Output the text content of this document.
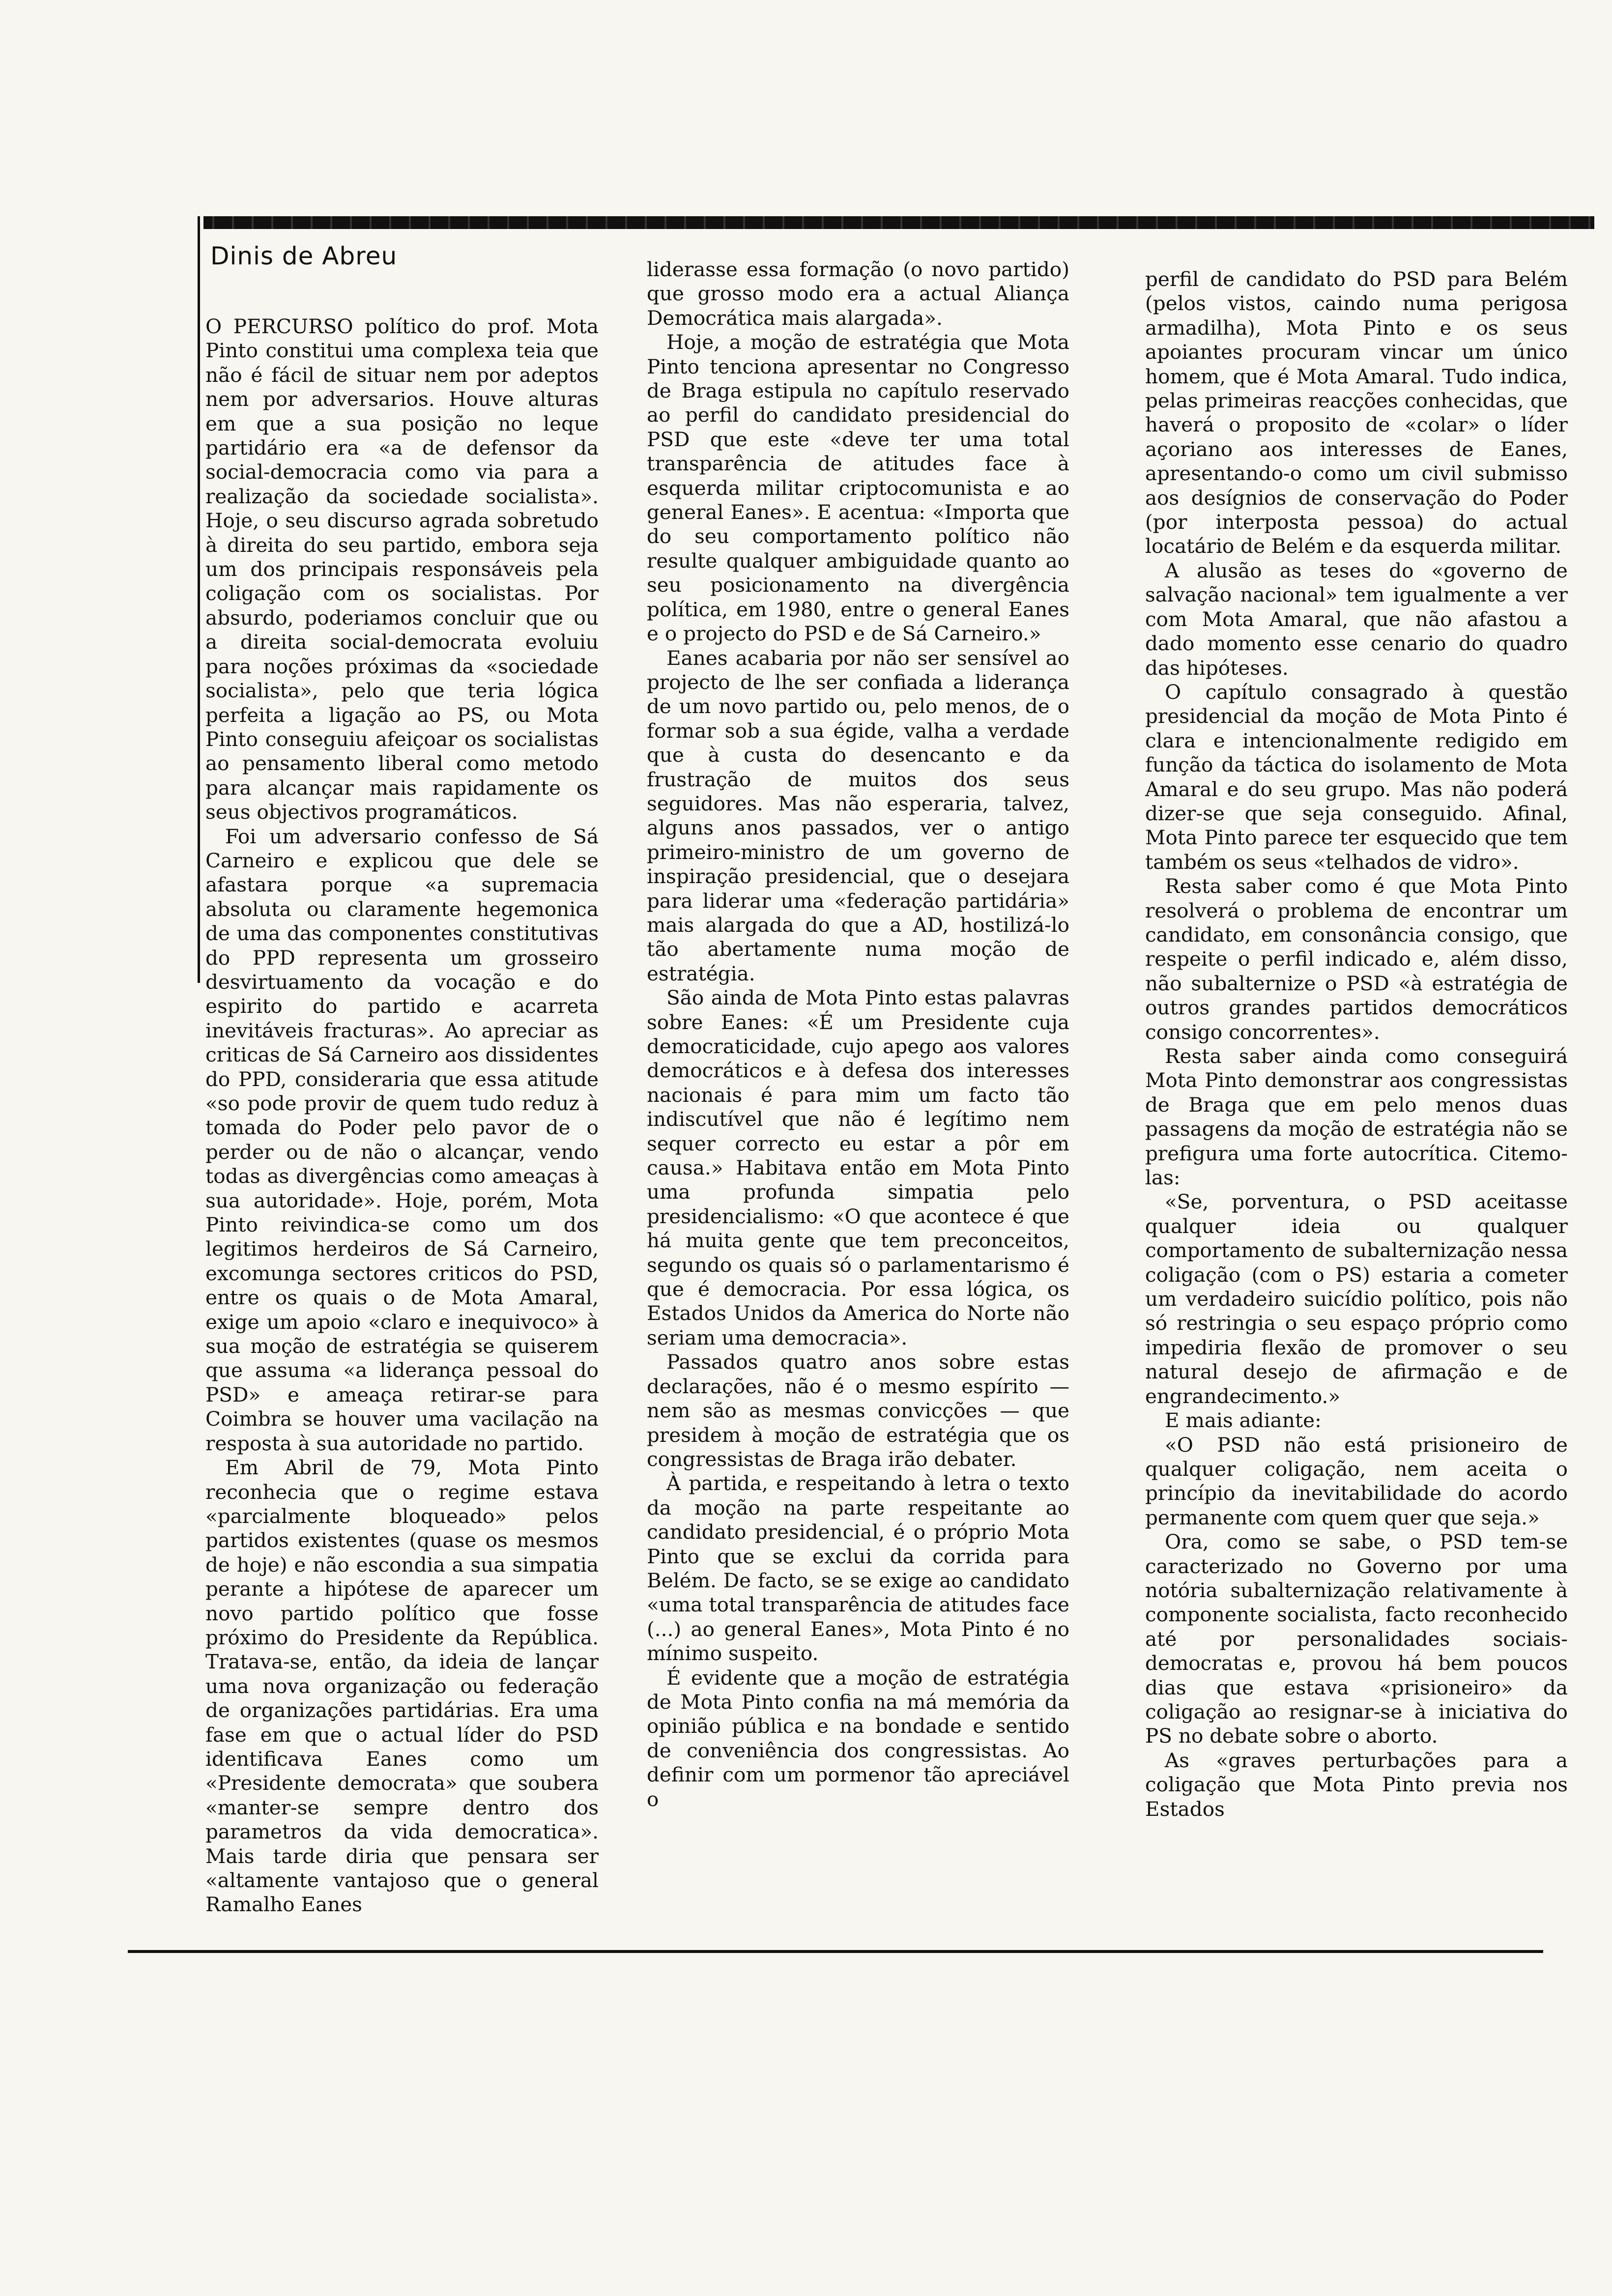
Dinis de Abreu

O PERCURSO político do prof. Mota Pinto constitui uma complexa teia que não é fácil de situar nem por adeptos nem por adversarios. Houve alturas em que a sua posição no leque partidário era «a de defensor da social-democracia como via para a realização da sociedade socialista». Hoje, o seu discurso agrada sobretudo à direita do seu partido, embora seja um dos principais responsáveis pela coligação com os socialistas. Por absurdo, poderiamos concluir que ou a direita social-democrata evoluiu para noções próximas da «sociedade socialista», pelo que teria lógica perfeita a ligação ao PS, ou Mota Pinto conseguiu afeiçoar os socialistas ao pensamento liberal como metodo para alcançar mais rapidamente os seus objectivos programáticos.

Foi um adversario confesso de Sá Carneiro e explicou que dele se afastara porque «a supremacia absoluta ou claramente hegemonica de uma das componentes constitutivas do PPD representa um grosseiro desvirtuamento da vocação e do espirito do partido e acarreta inevitáveis fracturas». Ao apreciar as criticas de Sá Carneiro aos dissidentes do PPD, consideraria que essa atitude «so pode provir de quem tudo reduz à tomada do Poder pelo pavor de o perder ou de não o alcançar, vendo todas as divergências como ameaças à sua autoridade». Hoje, porém, Mota Pinto reivindica-se como um dos legitimos herdeiros de Sá Carneiro, excomunga sectores criticos do PSD, entre os quais o de Mota Amaral, exige um apoio «claro e inequivoco» à sua moção de estratégia se quiserem que assuma «a liderança pessoal do PSD» e ameaça retirar-se para Coimbra se houver uma vacilação na resposta à sua autoridade no partido.

Em Abril de 79, Mota Pinto reconhecia que o regime estava «parcialmente bloqueado» pelos partidos existentes (quase os mesmos de hoje) e não escondia a sua simpatia perante a hipótese de aparecer um novo partido político que fosse próximo do Presidente da República. Tratava-se, então, da ideia de lançar uma nova organização ou federação de organizações partidárias. Era uma fase em que o actual líder do PSD identificava Eanes como um «Presidente democrata» que soubera «manter-se sempre dentro dos parametros da vida democratica». Mais tarde diria que pensara ser «altamente vantajoso que o general Ramalho Eanes

liderasse essa formação (o novo partido) que grosso modo era a actual Aliança Democrática mais alargada».

Hoje, a moção de estratégia que Mota Pinto tenciona apresentar no Congresso de Braga estipula no capítulo reservado ao perfil do candidato presidencial do PSD que este «deve ter uma total transparência de atitudes face à esquerda militar criptocomunista e ao general Eanes». E acentua: «Importa que do seu comportamento político não resulte qualquer ambiguidade quanto ao seu posicionamento na divergência política, em 1980, entre o general Eanes e o projecto do PSD e de Sá Carneiro.»

Eanes acabaria por não ser sensível ao projecto de lhe ser confiada a liderança de um novo partido ou, pelo menos, de o formar sob a sua égide, valha a verdade que à custa do desencanto e da frustração de muitos dos seus seguidores. Mas não esperaria, talvez, alguns anos passados, ver o antigo primeiro-ministro de um governo de inspiração presidencial, que o desejara para liderar uma «federação partidária» mais alargada do que a AD, hostilizá-lo tão abertamente numa moção de estratégia.

São ainda de Mota Pinto estas palavras sobre Eanes: «É um Presidente cuja democraticidade, cujo apego aos valores democráticos e à defesa dos interesses nacionais é para mim um facto tão indiscutível que não é legítimo nem sequer correcto eu estar a pôr em causa.» Habitava então em Mota Pinto uma profunda simpatia pelo presidencialismo: «O que acontece é que há muita gente que tem preconceitos, segundo os quais só o parlamentarismo é que é democracia. Por essa lógica, os Estados Unidos da America do Norte não seriam uma democracia».

Passados quatro anos sobre estas declarações, não é o mesmo espírito — nem são as mesmas convicções — que presidem à moção de estratégia que os congressistas de Braga irão debater.

À partida, e respeitando à letra o texto da moção na parte respeitante ao candidato presidencial, é o próprio Mota Pinto que se exclui da corrida para Belém. De facto, se se exige ao candidato «uma total transparência de atitudes face (...) ao general Eanes», Mota Pinto é no mínimo suspeito.

É evidente que a moção de estratégia de Mota Pinto confia na má memória da opinião pública e na bondade e sentido de conveniência dos congressistas. Ao definir com um pormenor tão apreciável o

perfil de candidato do PSD para Belém (pelos vistos, caindo numa perigosa armadilha), Mota Pinto e os seus apoiantes procuram vincar um único homem, que é Mota Amaral. Tudo indica, pelas primeiras reacções conhecidas, que haverá o proposito de «colar» o líder açoriano aos interesses de Eanes, apresentando-o como um civil submisso aos desígnios de conservação do Poder (por interposta pessoa) do actual locatário de Belém e da esquerda militar.

A alusão as teses do «governo de salvação nacional» tem igualmente a ver com Mota Amaral, que não afastou a dado momento esse cenario do quadro das hipóteses.

O capítulo consagrado à questão presidencial da moção de Mota Pinto é clara e intencionalmente redigido em função da táctica do isolamento de Mota Amaral e do seu grupo. Mas não poderá dizer-se que seja conseguido. Afinal, Mota Pinto parece ter esquecido que tem também os seus «telhados de vidro».

Resta saber como é que Mota Pinto resolverá o problema de encontrar um candidato, em consonância consigo, que respeite o perfil indicado e, além disso, não subalternize o PSD «à estratégia de outros grandes partidos democráticos consigo concorrentes».

Resta saber ainda como conseguirá Mota Pinto demonstrar aos congressistas de Braga que em pelo menos duas passagens da moção de estratégia não se prefigura uma forte autocrítica. Citemo-las:

«Se, porventura, o PSD aceitasse qualquer ideia ou qualquer comportamento de subalternização nessa coligação (com o PS) estaria a cometer um verdadeiro suicídio político, pois não só restringia o seu espaço próprio como impediria flexão de promover o seu natural desejo de afirmação e de engrandecimento.»

E mais adiante:

«O PSD não está prisioneiro de qualquer coligação, nem aceita o princípio da inevitabilidade do acordo permanente com quem quer que seja.»

Ora, como se sabe, o PSD tem-se caracterizado no Governo por uma notória subalternização relativamente à componente socialista, facto reconhecido até por personalidades sociais-democratas e, provou há bem poucos dias que estava «prisioneiro» da coligação ao resignar-se à iniciativa do PS no debate sobre o aborto.

As «graves perturbações para a coligação que Mota Pinto previa nos Estados
